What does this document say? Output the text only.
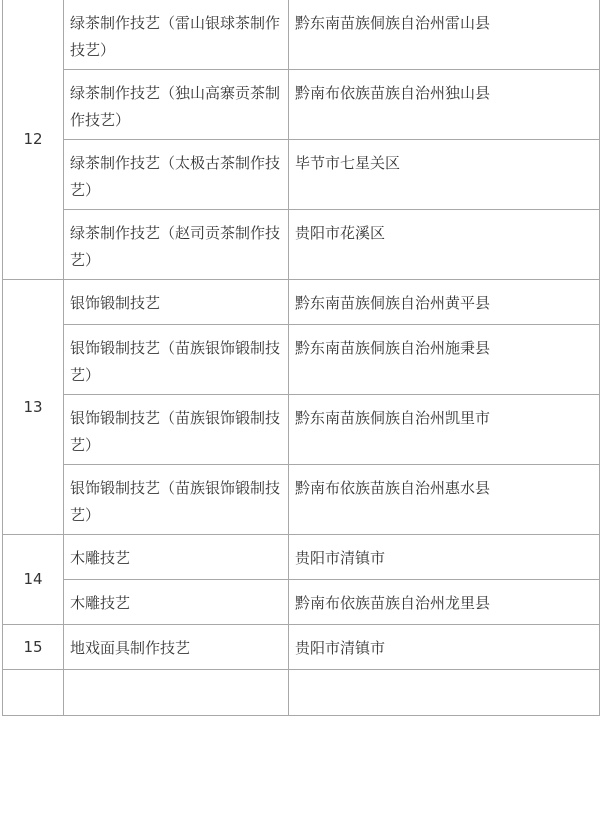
12	绿茶制作技艺（雷山银球茶制作技艺）	黔东南苗族侗族自治州雷山县
	绿茶制作技艺（独山高寨贡茶制作技艺）	黔南布依族苗族自治州独山县
	绿茶制作技艺（太极古茶制作技艺）	毕节市七星关区
	绿茶制作技艺（赵司贡茶制作技艺）	贵阳市花溪区
13	银饰锻制技艺	黔东南苗族侗族自治州黄平县
	银饰锻制技艺（苗族银饰锻制技艺）	黔东南苗族侗族自治州施秉县
	银饰锻制技艺（苗族银饰锻制技艺）	黔东南苗族侗族自治州凯里市
	银饰锻制技艺（苗族银饰锻制技艺）	黔南布依族苗族自治州惠水县
14	木雕技艺	贵阳市清镇市
	木雕技艺	黔南布依族苗族自治州龙里县
15	地戏面具制作技艺	贵阳市清镇市
